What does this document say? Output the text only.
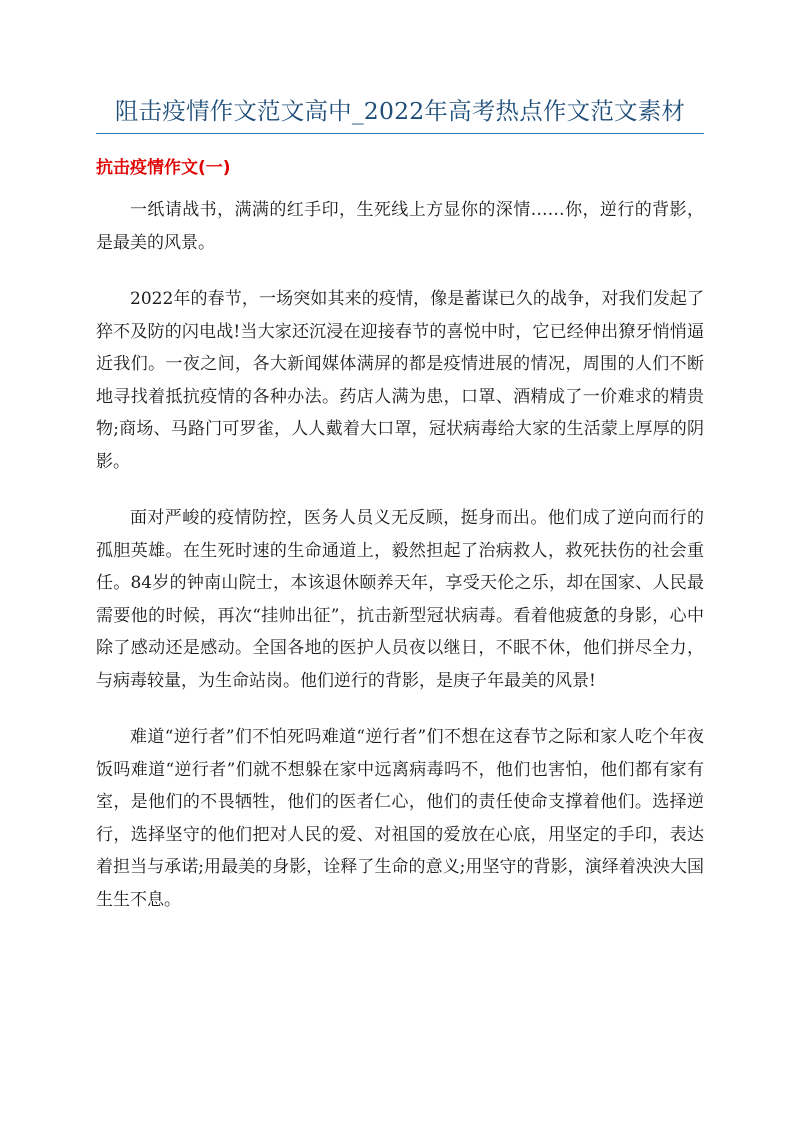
阻击疫情作文范文高中_2022年高考热点作文范文素材
抗击疫情作文(一)

一纸请战书，满满的红手印，生死线上方显你的深情……你，逆行的背影，是最美的风景。

2022年的春节，一场突如其来的疫情，像是蓄谋已久的战争，对我们发起了猝不及防的闪电战!当大家还沉浸在迎接春节的喜悦中时，它已经伸出獠牙悄悄逼近我们。一夜之间，各大新闻媒体满屏的都是疫情进展的情况，周围的人们不断地寻找着抵抗疫情的各种办法。药店人满为患，口罩、酒精成了一价难求的精贵物;商场、马路门可罗雀，人人戴着大口罩，冠状病毒给大家的生活蒙上厚厚的阴影。

面对严峻的疫情防控，医务人员义无反顾，挺身而出。他们成了逆向而行的孤胆英雄。在生死时速的生命通道上，毅然担起了治病救人，救死扶伤的社会重任。84岁的钟南山院士，本该退休颐养天年，享受天伦之乐，却在国家、人民最需要他的时候，再次“挂帅出征”，抗击新型冠状病毒。看着他疲惫的身影，心中除了感动还是感动。全国各地的医护人员夜以继日，不眠不休，他们拼尽全力，与病毒较量，为生命站岗。他们逆行的背影，是庚子年最美的风景!

难道“逆行者”们不怕死吗难道“逆行者”们不想在这春节之际和家人吃个年夜饭吗难道“逆行者”们就不想躲在家中远离病毒吗不，他们也害怕，他们都有家有室，是他们的不畏牺牲，他们的医者仁心，他们的责任使命支撑着他们。选择逆行，选择坚守的他们把对人民的爱、对祖国的爱放在心底，用坚定的手印，表达着担当与承诺;用最美的身影，诠释了生命的意义;用坚守的背影，演绎着泱泱大国生生不息。
